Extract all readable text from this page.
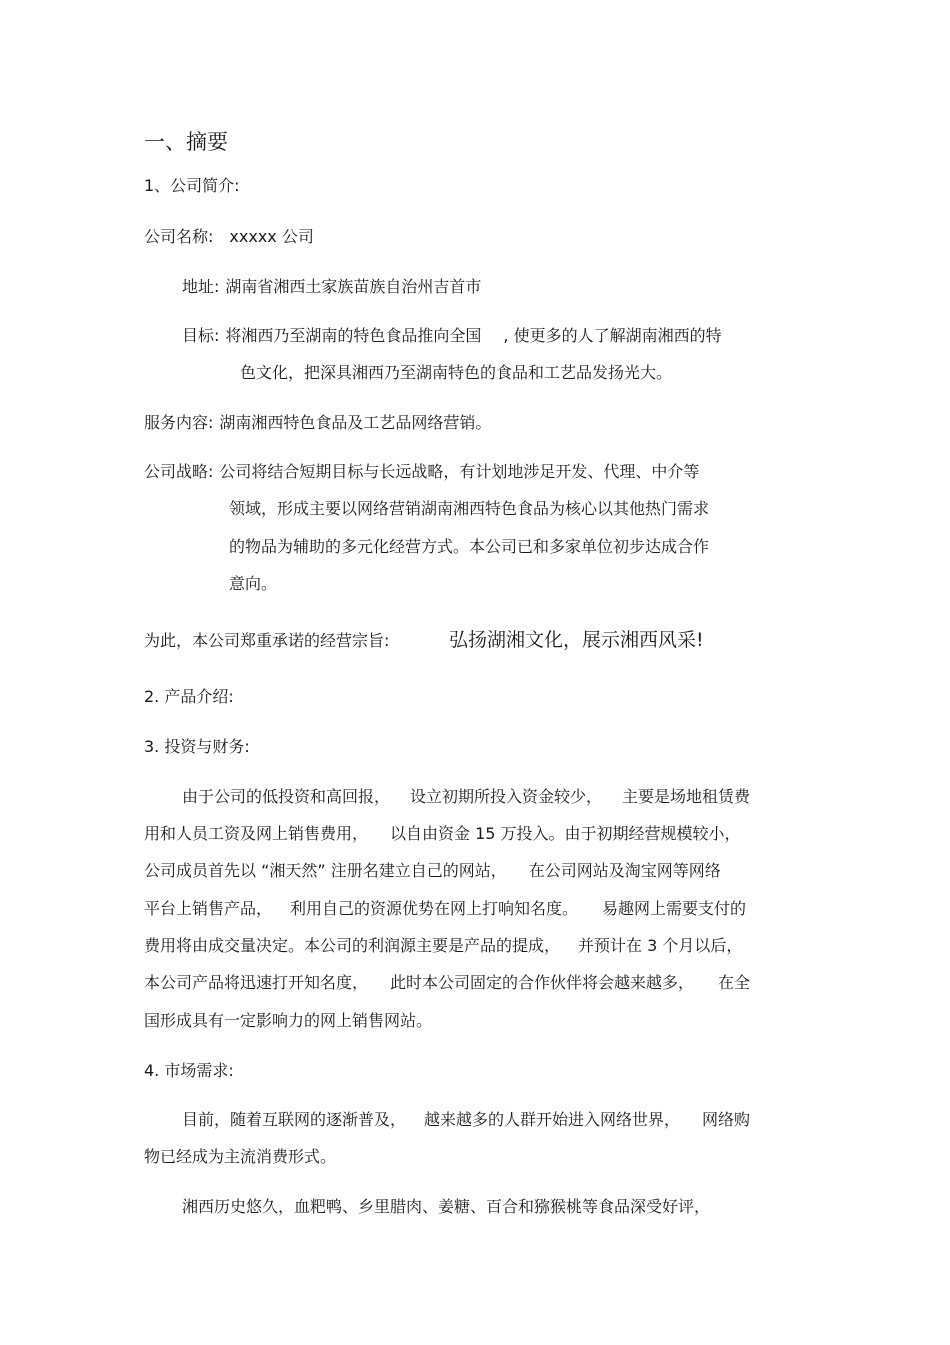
一、摘要
1、公司简介:
公司名称: xxxxx 公司
地址: 湖南省湘西土家族苗族自治州吉首市
目标: 将湘西乃至湖南的特色食品推向全国 , 使更多的人了解湖南湘西的特
色文化，把深具湘西乃至湖南特色的食品和工艺品发扬光大。
服务内容: 湖南湘西特色食品及工艺品网络营销。
公司战略: 公司将结合短期目标与长远战略，有计划地涉足开发、代理、中介等
领域，形成主要以网络营销湖南湘西特色食品为核心以其他热门需求
的物品为辅助的多元化经营方式。本公司已和多家单位初步达成合作
意向。
为此，本公司郑重承诺的经营宗旨:	弘扬湖湘文化，展示湘西风采!
2. 产品介绍:
3. 投资与财务:
由于公司的低投资和高回报， 设立初期所投入资金较少， 主要是场地租赁费
用和人员工资及网上销售费用， 以自由资金 15 万投入。由于初期经营规模较小，
公司成员首先以 “湘天然” 注册名建立自己的网站， 在公司网站及淘宝网等网络
平台上销售产品， 利用自己的资源优势在网上打响知名度。 易趣网上需要支付的
费用将由成交量决定。本公司的利润源主要是产品的提成， 并预计在 3 个月以后，
本公司产品将迅速打开知名度， 此时本公司固定的合作伙伴将会越来越多， 在全
国形成具有一定影响力的网上销售网站。
4. 市场需求:
目前，随着互联网的逐渐普及， 越来越多的人群开始进入网络世界， 网络购
物已经成为主流消费形式。
湘西历史悠久，血粑鸭、乡里腊肉、姜糖、百合和猕猴桃等食品深受好评，
